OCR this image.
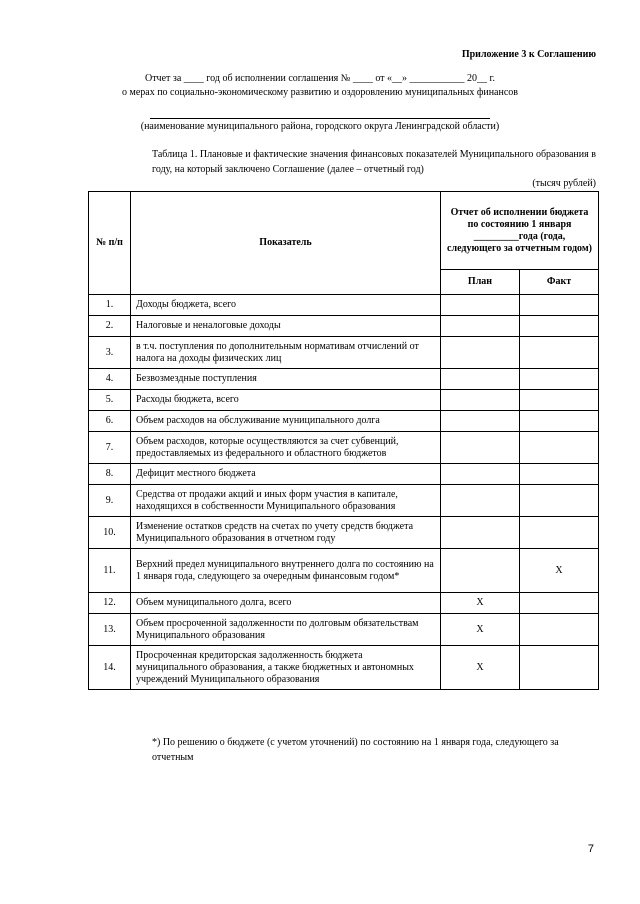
Приложение 3 к Соглашению
Отчет за ____ год об исполнении соглашения № ____ от «__» ___________ 20__ г.
о мерах по социально-экономическому развитию и оздоровлению муниципальных финансов
(наименование муниципального района, городского округа Ленинградской области)
Таблица 1. Плановые и фактические значения финансовых показателей Муниципального образования в году, на который заключено Соглашение (далее – отчетный год)
(тысяч рублей)
№ п/п	Показатель	Отчет об исполнении бюджета по состоянию 1 января _________года (года, следующего за отчетным годом)	
		План	Факт
1.	Доходы бюджета, всего		
2.	Налоговые и неналоговые доходы		
3.	в т.ч. поступления по дополнительным нормативам отчислений от налога на доходы физических лиц		
4.	Безвозмездные поступления		
5.	Расходы бюджета, всего		
6.	Объем расходов на обслуживание муниципального долга		
7.	Объем расходов, которые осуществляются за счет субвенций, предоставляемых из федерального и областного бюджетов		
8.	Дефицит местного бюджета		
9.	Средства от продажи акций и иных форм участия в капитале, находящихся в собственности Муниципального образования		
10.	Изменение остатков средств на счетах по учету средств бюджета Муниципального образования в отчетном году		
11.	Верхний предел муниципального внутреннего долга по состоянию на 1 января года, следующего за очередным финансовым годом*		Х
12.	Объем муниципального долга, всего	Х	
13.	Объем просроченной задолженности по долговым обязательствам Муниципального образования	Х	
14.	Просроченная кредиторская задолженность бюджета муниципального образования, а также бюджетных и автономных учреждений Муниципального образования	Х	
*) По решению о бюджете (с учетом уточнений) по состоянию на 1 января года, следующего за отчетным
7
